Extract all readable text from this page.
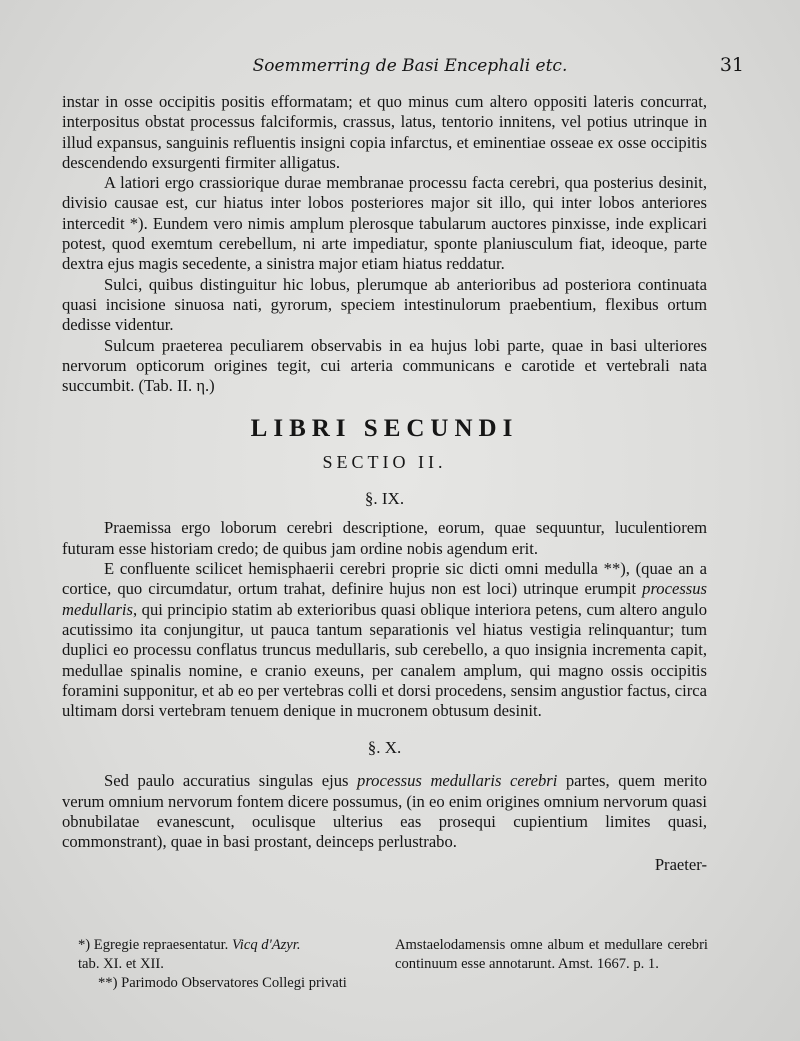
Soemmerring de Basi Encephali etc.	31

instar in osse occipitis positis efformatam; et quo minus cum altero oppositi lateris concurrat, interpositus obstat processus falciformis, crassus, latus, tentorio innitens, vel potius utrinque in illud expansus, sanguinis refluentis insigni copia infarctus, et eminentiae osseae ex osse occipitis descendendo exsurgenti firmiter alligatus.

A latiori ergo crassiorique durae membranae processu facta cerebri, qua posterius desinit, divisio causae est, cur hiatus inter lobos posteriores major sit illo, qui inter lobos anteriores intercedit *). Eundem vero nimis amplum plerosque tabularum auctores pinxisse, inde explicari potest, quod exemtum cerebellum, ni arte impediatur, sponte planiusculum fiat, ideoque, parte dextra ejus magis secedente, a sinistra major etiam hiatus reddatur.

Sulci, quibus distinguitur hic lobus, plerumque ab anterioribus ad posteriora continuata quasi incisione sinuosa nati, gyrorum, speciem intestinulorum praebentium, flexibus ortum dedisse videntur.

Sulcum praeterea peculiarem observabis in ea hujus lobi parte, quae in basi ulteriores nervorum opticorum origines tegit, cui arteria communicans e carotide et vertebrali nata succumbit. (Tab. II. η.)

LIBRI SECUNDI
SECTIO II.
§. IX.

Praemissa ergo loborum cerebri descriptione, eorum, quae sequuntur, luculentiorem futuram esse historiam credo; de quibus jam ordine nobis agendum erit.

E confluente scilicet hemisphaerii cerebri proprie sic dicti omni medulla **), (quae an a cortice, quo circumdatur, ortum trahat, definire hujus non est loci) utrinque erumpit processus medullaris, qui principio statim ab exterioribus quasi oblique interiora petens, cum altero angulo acutissimo ita conjungitur, ut pauca tantum separationis vel hiatus vestigia relinquantur; tum duplici eo processu conflatus truncus medullaris, sub cerebello, a quo insignia incrementa capit, medullae spinalis nomine, e cranio exeuns, per canalem amplum, qui magno ossis occipitis foramini supponitur, et ab eo per vertebras colli et dorsi procedens, sensim angustior factus, circa ultimam dorsi vertebram tenuem denique in mucronem obtusum desinit.

§. X.

Sed paulo accuratius singulas ejus processus medullaris cerebri partes, quem merito verum omnium nervorum fontem dicere possumus, (in eo enim origines omnium nervorum quasi obnubilatae evanescunt, oculisque ulterius eas prosequi cupientium limites quasi, commonstrant), quae in basi prostant, deinceps perlustrabo.

Praeter-

*) Egregie repraesentatur. Vicq d'Azyr.

tab. XI. et XII.

**) Parimodo Observatores Collegi privati

Amstaelodamensis omne album et medullare cerebri continuum esse annotarunt. Amst. 1667. p. 1.
